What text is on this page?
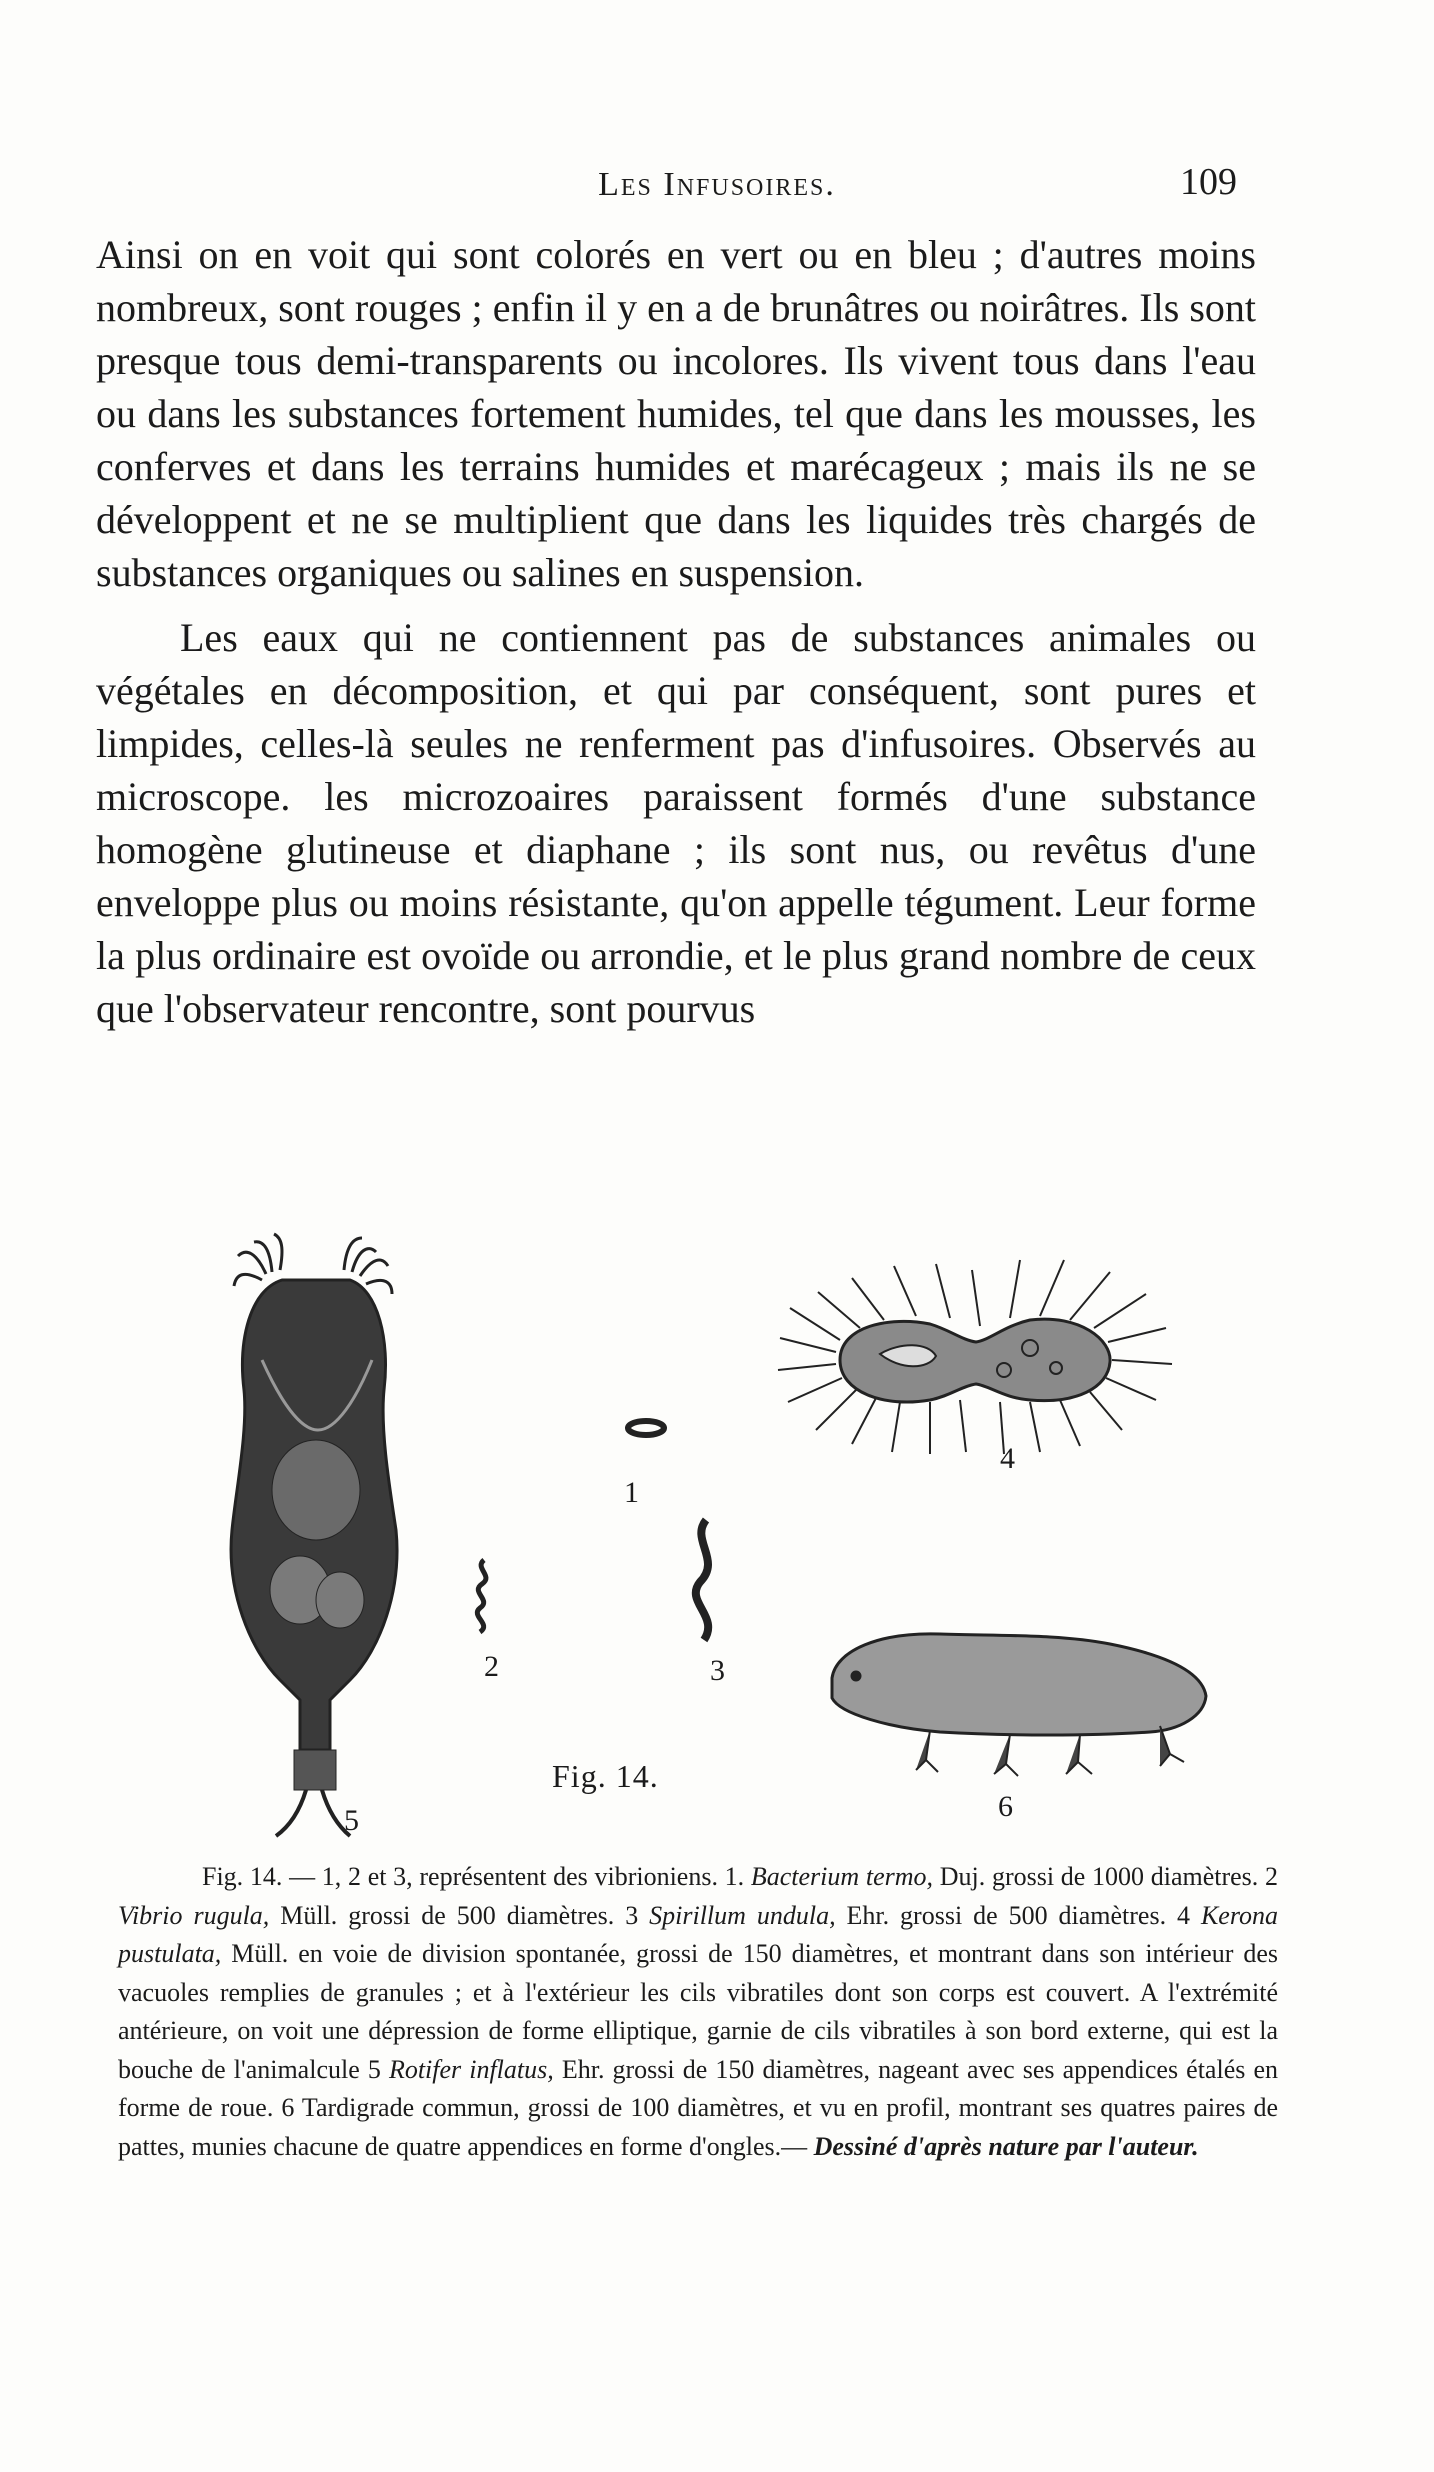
Les Infusoires.	109

Ainsi on en voit qui sont colorés en vert ou en bleu ; d'autres moins nombreux, sont rouges ; enfin il y en a de brunâtres ou noirâtres. Ils sont presque tous demi-transparents ou incolores. Ils vivent tous dans l'eau ou dans les substances fortement humides, tel que dans les mousses, les conferves et dans les terrains humides et marécageux ; mais ils ne se développent et ne se multiplient que dans les liquides très chargés de substances organiques ou salines en suspension.

Les eaux qui ne contiennent pas de substances animales ou végétales en décomposition, et qui par conséquent, sont pures et limpides, celles-là seules ne renferment pas d'infusoires. Observés au microscope. les microzoaires paraissent formés d'une substance homogène glutineuse et diaphane ; ils sont nus, ou revêtus d'une enveloppe plus ou moins résistante, qu'on appelle tégument. Leur forme la plus ordinaire est ovoïde ou arrondie, et le plus grand nombre de ceux que l'observateur rencontre, sont pourvus

1
2	3
4
5	6
Fig. 14.

Fig. 14. — 1, 2 et 3, représentent des vibrioniens. 1. Bacterium termo, Duj. grossi de 1000 diamètres. 2 Vibrio rugula, Müll. grossi de 500 diamètres. 3 Spirillum undula, Ehr. grossi de 500 diamètres. 4 Kerona pustulata, Müll. en voie de division spontanée, grossi de 150 diamètres, et montrant dans son intérieur des vacuoles remplies de granules ; et à l'extérieur les cils vibratiles dont son corps est couvert. A l'extrémité antérieure, on voit une dépression de forme elliptique, garnie de cils vibratiles à son bord externe, qui est la bouche de l'animalcule 5 Rotifer inflatus, Ehr. grossi de 150 diamètres, nageant avec ses appendices étalés en forme de roue. 6 Tardigrade commun, grossi de 100 diamètres, et vu en profil, montrant ses quatres paires de pattes, munies chacune de quatre appendices en forme d'ongles.— Dessiné d'après nature par l'auteur.
